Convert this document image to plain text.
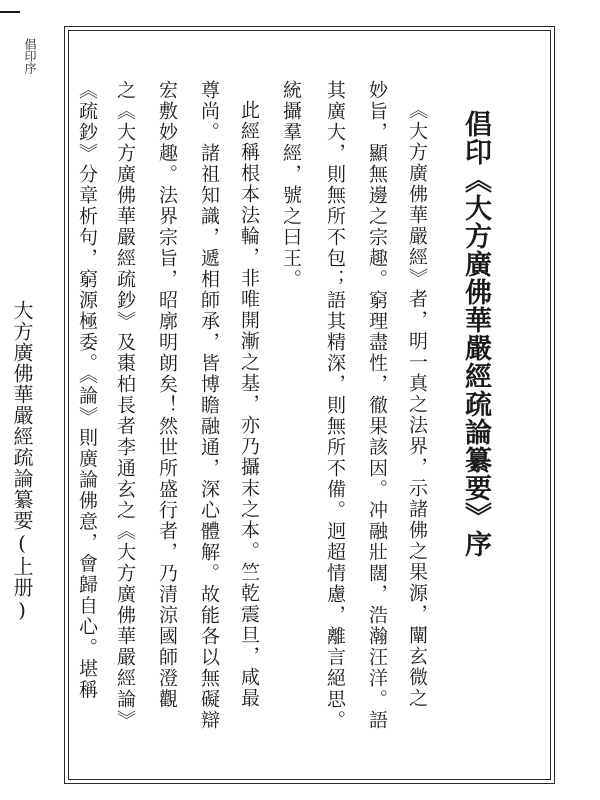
倡印序
大方廣佛華嚴經疏論纂要(上册)	倡印《大方廣佛華嚴經疏論纂要》序
《大方廣佛華嚴經》者，明一真之法界，示諸佛之果源，闡玄微之
妙旨，顯無邊之宗趣。窮理盡性，徹果該因。冲融壯闊，浩瀚汪洋。語
其廣大，則無所不包；語其精深，則無所不備。迥超情慮，離言絕思。
統攝羣經，號之曰王。
此經稱根本法輪，非唯開漸之基，亦乃攝末之本。竺乾震旦，咸最
尊尚。諸祖知識，遞相師承，皆博瞻融通，深心體解。故能各以無礙辯
宏敷妙趣。法界宗旨，昭廓明朗矣！然世所盛行者，乃清涼國師澄觀
之《大方廣佛華嚴經疏鈔》及棗柏長者李通玄之《大方廣佛華嚴經論》
《疏鈔》分章析句，窮源極委。《論》則廣論佛意，會歸自心。堪稱
